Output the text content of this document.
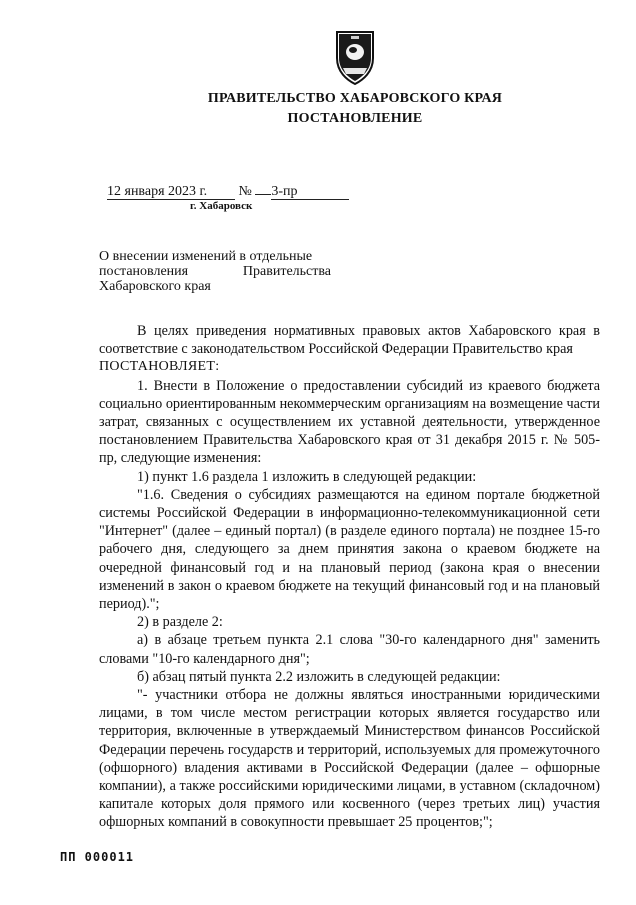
ПРАВИТЕЛЬСТВО ХАБАРОВСКОГО КРАЯ
ПОСТАНОВЛЕНИЕ
12 января 2023 г. № 3-пр
г. Хабаровск
О внесении изменений в отдельные
постановления Правительства
Хабаровского края

В целях приведения нормативных правовых актов Хабаровского края в соответствие с законодательством Российской Федерации Правительство края

ПОСТАНОВЛЯЕТ:

1. Внести в Положение о предоставлении субсидий из краевого бюджета социально ориентированным некоммерческим организациям на возмещение части затрат, связанных с осуществлением их уставной деятельности, утвержденное постановлением Правительства Хабаровского края от 31 декабря 2015 г. № 505-пр, следующие изменения:

1) пункт 1.6 раздела 1 изложить в следующей редакции:

"1.6. Сведения о субсидиях размещаются на едином портале бюджетной системы Российской Федерации в информационно-телекоммуникационной сети "Интернет" (далее – единый портал) (в разделе единого портала) не позднее 15-го рабочего дня, следующего за днем принятия закона о краевом бюджете на очередной финансовый год и на плановый период (закона края о внесении изменений в закон о краевом бюджете на текущий финансовый год и на плановый период).";

2) в разделе 2:

а) в абзаце третьем пункта 2.1 слова "30-го календарного дня" заменить словами "10-го календарного дня";

б) абзац пятый пункта 2.2 изложить в следующей редакции:

"- участники отбора не должны являться иностранными юридическими лицами, в том числе местом регистрации которых является государство или территория, включенные в утверждаемый Министерством финансов Российской Федерации перечень государств и территорий, используемых для промежуточного (офшорного) владения активами в Российской Федерации (далее – офшорные компании), а также российскими юридическими лицами, в уставном (складочном) капитале которых доля прямого или косвенного (через третьих лиц) участия офшорных компаний в совокупности превышает 25 процентов;";

ПП 000011
